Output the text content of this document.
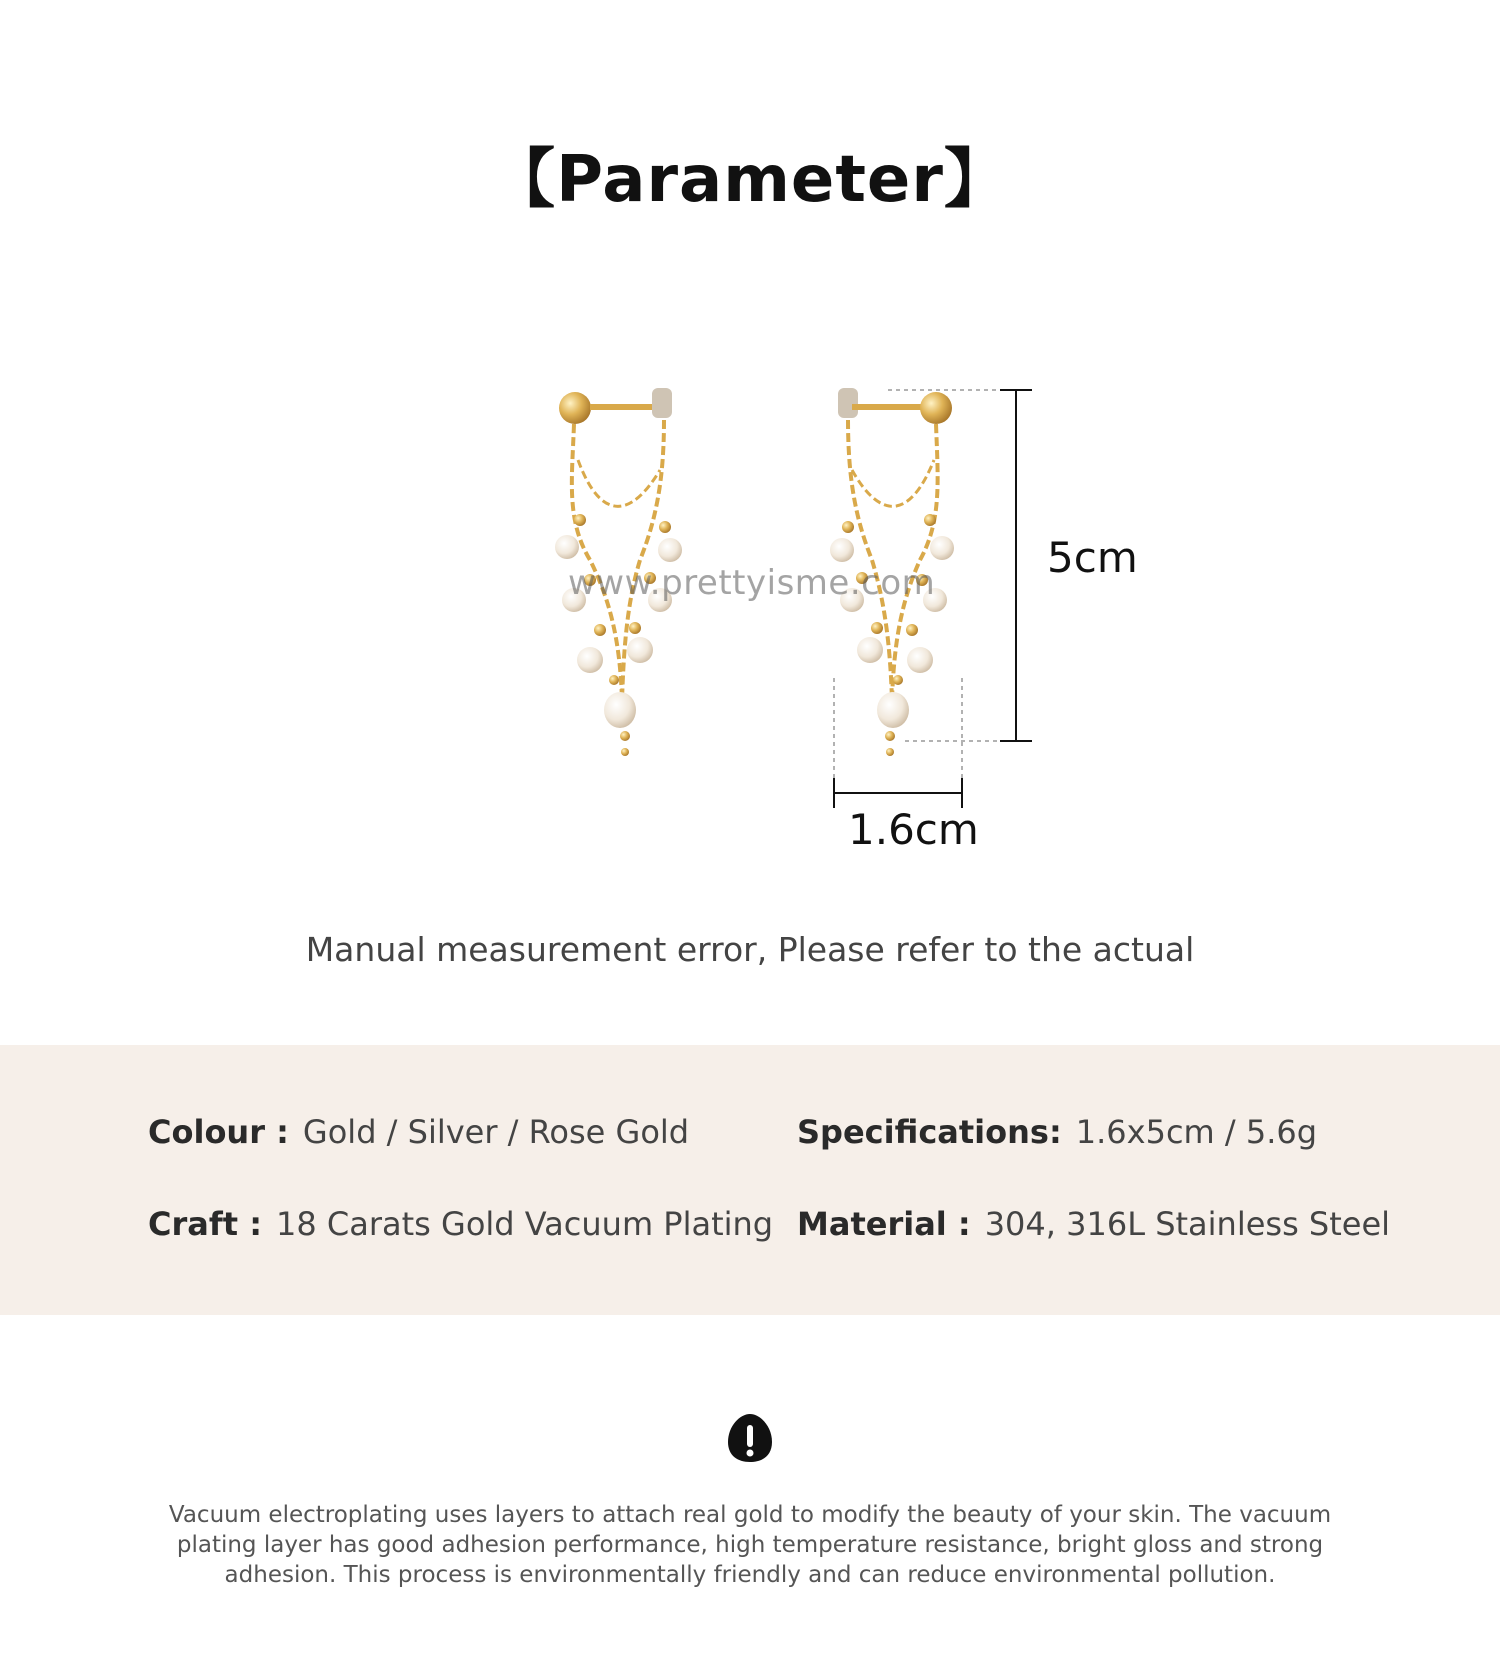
【Parameter】
5cm
1.6cm
www.prettyisme.com
Manual measurement error, Please refer to the actual
Colour : Gold / Silver / Rose Gold	Specifications: 1.6x5cm / 5.6g
Craft : 18 Carats Gold Vacuum Plating Material : 304, 316L Stainless Steel
Vacuum electroplating uses layers to attach real gold to modify the beauty of your skin. The vacuum plating layer has good adhesion performance, high temperature resistance, bright gloss and strong adhesion. This process is environmentally friendly and can reduce environmental pollution.
